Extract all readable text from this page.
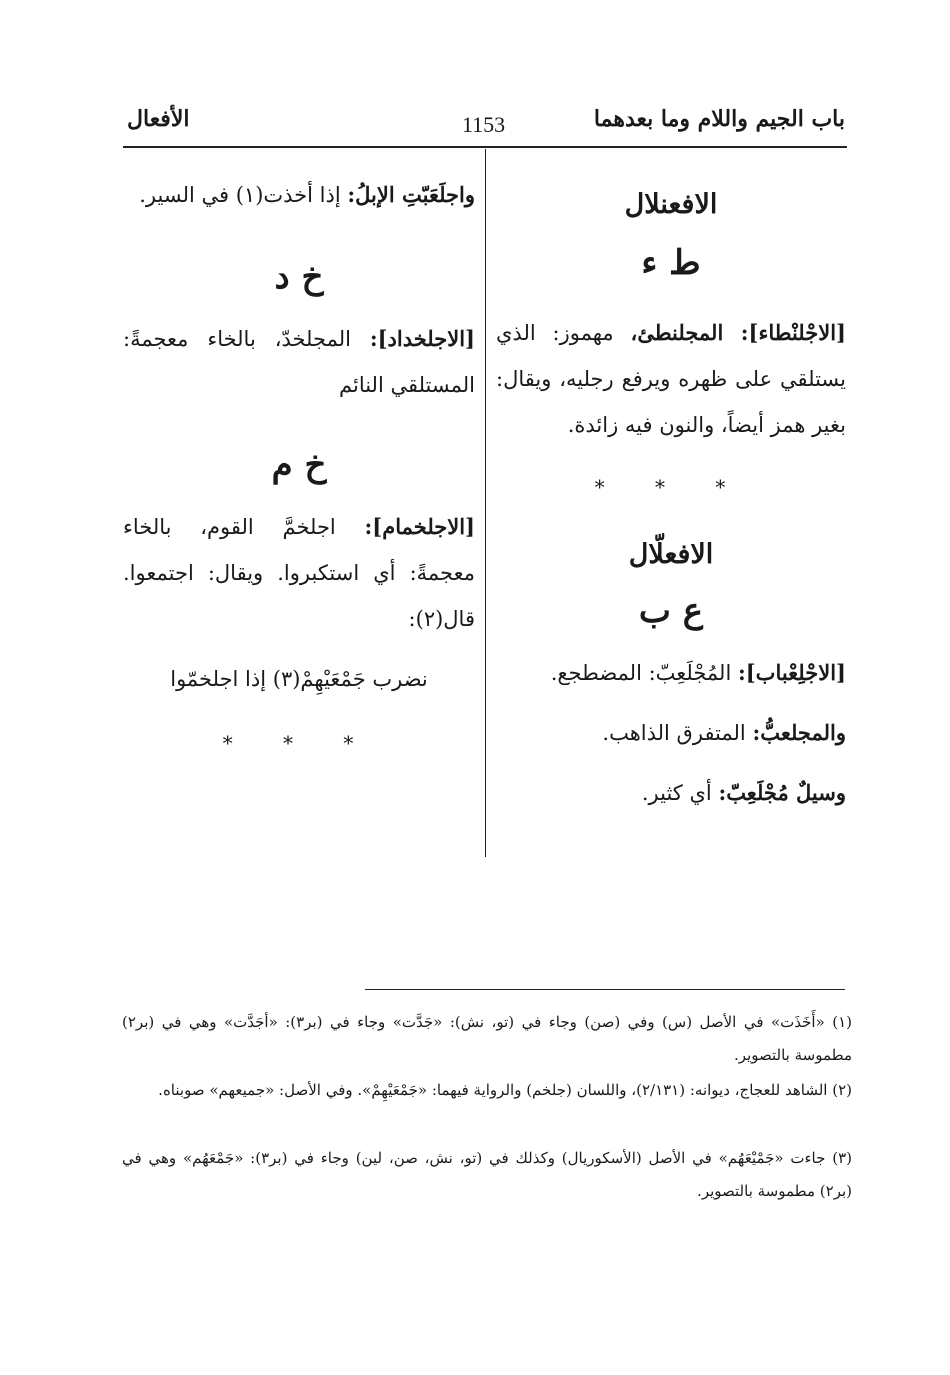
باب الجيم واللام وما بعدهما
1153
الأفعال
الافعنلال
ط ء
[الاجْلنْطاء]: المجلنطئ، مهموز: الذي يستلقي على ظهره ويرفع رجليه، ويقال: بغير همز أيضاً، والنون فيه زائدة.
* * *
الافعلّال
ع ب
[الاجْلِعْباب]: المُجْلَعِبّ: المضطجع.
والمجلعبُّ: المتفرق الذاهب.
وسيلٌ مُجْلَعِبّ: أي كثير.
واجلَعَبّتِ الإبلُ: إذا أخذت(١) في السير.
خ د
[الاجلخداد]: المجلخدّ، بالخاء معجمةً: المستلقي النائم
خ م
[الاجلخمام]: اجلخمَّ القوم، بالخاء معجمةً: أي استكبروا. ويقال: اجتمعوا. قال(٢):
نضرب جَمْعَيْهِمْ(٣) إذا اجلخمّوا
* * *
(١) «أَخَذَت» في الأصل (س) وفي (صن) وجاء في (تو، نش): «جَدَّت» وجاء في (بر٣): «أجَدَّت» وهي في (بر٢) مطموسة بالتصوير.
(٢) الشاهد للعجاج، ديوانه: (٢/١٣١)، واللسان (جلخم) والرواية فيهما: «جَمْعَيْهِمْ». وفي الأصل: «جميعهم» صوبناه.
(٣) جاءت «جَمْيْعَهُم» في الأصل (الأسكوريال) وكذلك في (تو، نش، صن، لين) وجاء في (بر٣): «جَمْعَهُم» وهي في (بر٢) مطموسة بالتصوير.
